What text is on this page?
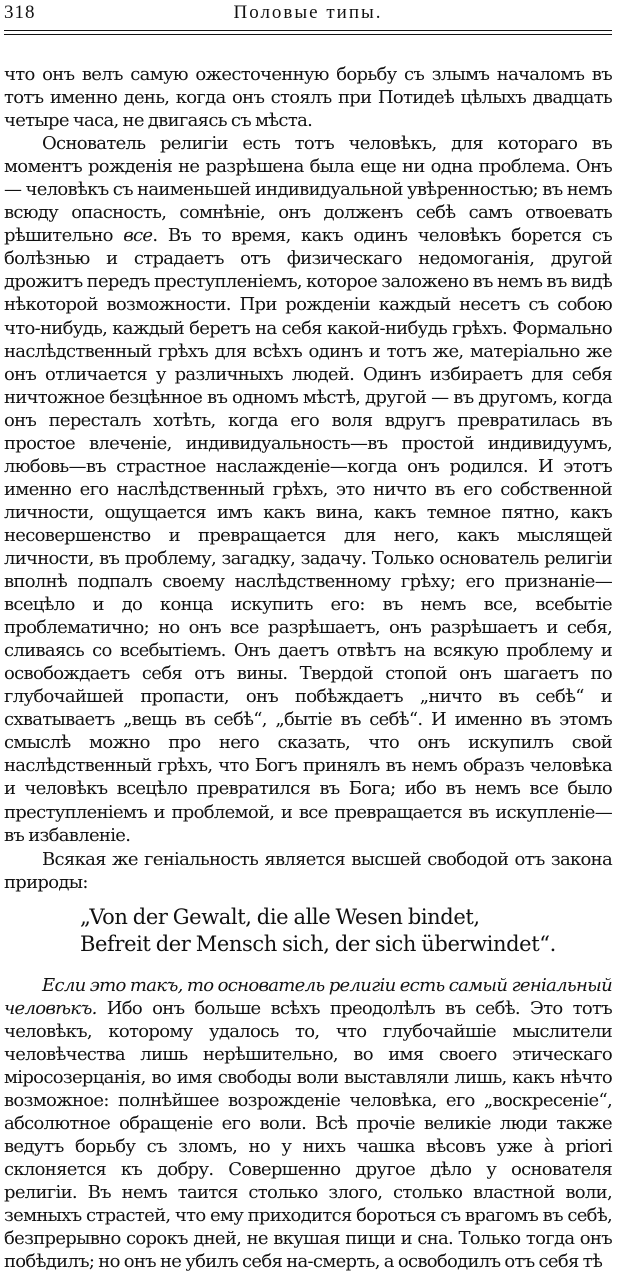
318	Половые типы.

что онъ велъ самую ожесточенную борьбу съ злымъ началомъ въ тотъ именно день, когда онъ стоялъ при Потидеѣ цѣлыхъ двадцать четыре часа, не двигаясь съ мѣста.

Основатель религіи есть тотъ человѣкъ, для котораго въ моментъ рожденія не разрѣшена была еще ни одна проблема. Онъ — человѣкъ съ наименьшей индивидуальной увѣренностью; въ немъ всюду опасность, сомнѣніе, онъ долженъ себѣ самъ отвоевать рѣшительно все. Въ то время, какъ одинъ человѣкъ борется съ болѣзнью и страдаетъ отъ физическаго недомоганія, другой дрожитъ передъ преступленіемъ, которое заложено въ немъ въ видѣ нѣкоторой возможности. При рожденіи каждый несетъ съ собою что-нибудь, каждый беретъ на себя какой-нибудь грѣхъ. Формально наслѣдственный грѣхъ для всѣхъ одинъ и тотъ же, матеріально же онъ отличается у различныхъ людей. Одинъ избираетъ для себя ничтожное безцѣнное въ одномъ мѣстѣ, другой — въ другомъ, когда онъ пересталъ хотѣть, когда его воля вдругъ превратилась въ простое влеченіе, индивидуальность—въ простой индивидуумъ, любовь—въ страстное наслажденіе—когда онъ родился. И этотъ именно его наслѣдственный грѣхъ, это ничто въ его собственной личности, ощущается имъ какъ вина, какъ темное пятно, какъ несовершенство и превращается для него, какъ мыслящей личности, въ проблему, загадку, задачу. Только основатель религіи вполнѣ подпалъ своему наслѣдственному грѣху; его признаніе—всецѣло и до конца искупить его: въ немъ все, всебытіе проблематично; но онъ все разрѣшаетъ, онъ разрѣшаетъ и себя, сливаясь со всебытіемъ. Онъ даетъ отвѣтъ на всякую проблему и освобождаетъ себя отъ вины. Твердой стопой онъ шагаетъ по глубочайшей пропасти, онъ побѣждаетъ „ничто въ себѣ“ и схватываетъ „вещь въ себѣ“, „бытіе въ себѣ“. И именно въ этомъ смыслѣ можно про него сказать, что онъ искупилъ свой наслѣдственный грѣхъ, что Богъ принялъ въ немъ образъ человѣка и человѣкъ всецѣло превратился въ Бога; ибо въ немъ все было преступленіемъ и проблемой, и все превращается въ искупленіе—въ избавленіе.

Всякая же геніальность является высшей свободой отъ закона природы:

„Von der Gewalt, die alle Wesen bindet,
Befreit der Mensch sich, der sich überwindet“.

Если это такъ, то основатель религіи есть самый геніальный человѣкъ. Ибо онъ больше всѣхъ преодолѣлъ въ себѣ. Это тотъ человѣкъ, которому удалось то, что глубочайшіе мыслители человѣчества лишь нерѣшительно, во имя своего этическаго міросозерцанія, во имя свободы воли выставляли лишь, какъ нѣчто возможное: полнѣйшее возрожденіе человѣка, его „воскресеніе“, абсолютное обращеніе его воли. Всѣ прочіе великіе люди также ведутъ борьбу съ зломъ, но у нихъ чашка вѣсовъ уже à priori склоняется къ добру. Совершенно другое дѣло у основателя религіи. Въ немъ таится столько злого, столько властной воли, земныхъ страстей, что ему приходится бороться съ врагомъ въ себѣ, безпрерывно сорокъ дней, не вкушая пищи и сна. Только тогда онъ побѣдилъ; но онъ не убилъ себя на-смерть, а освободилъ отъ себя тѣ
